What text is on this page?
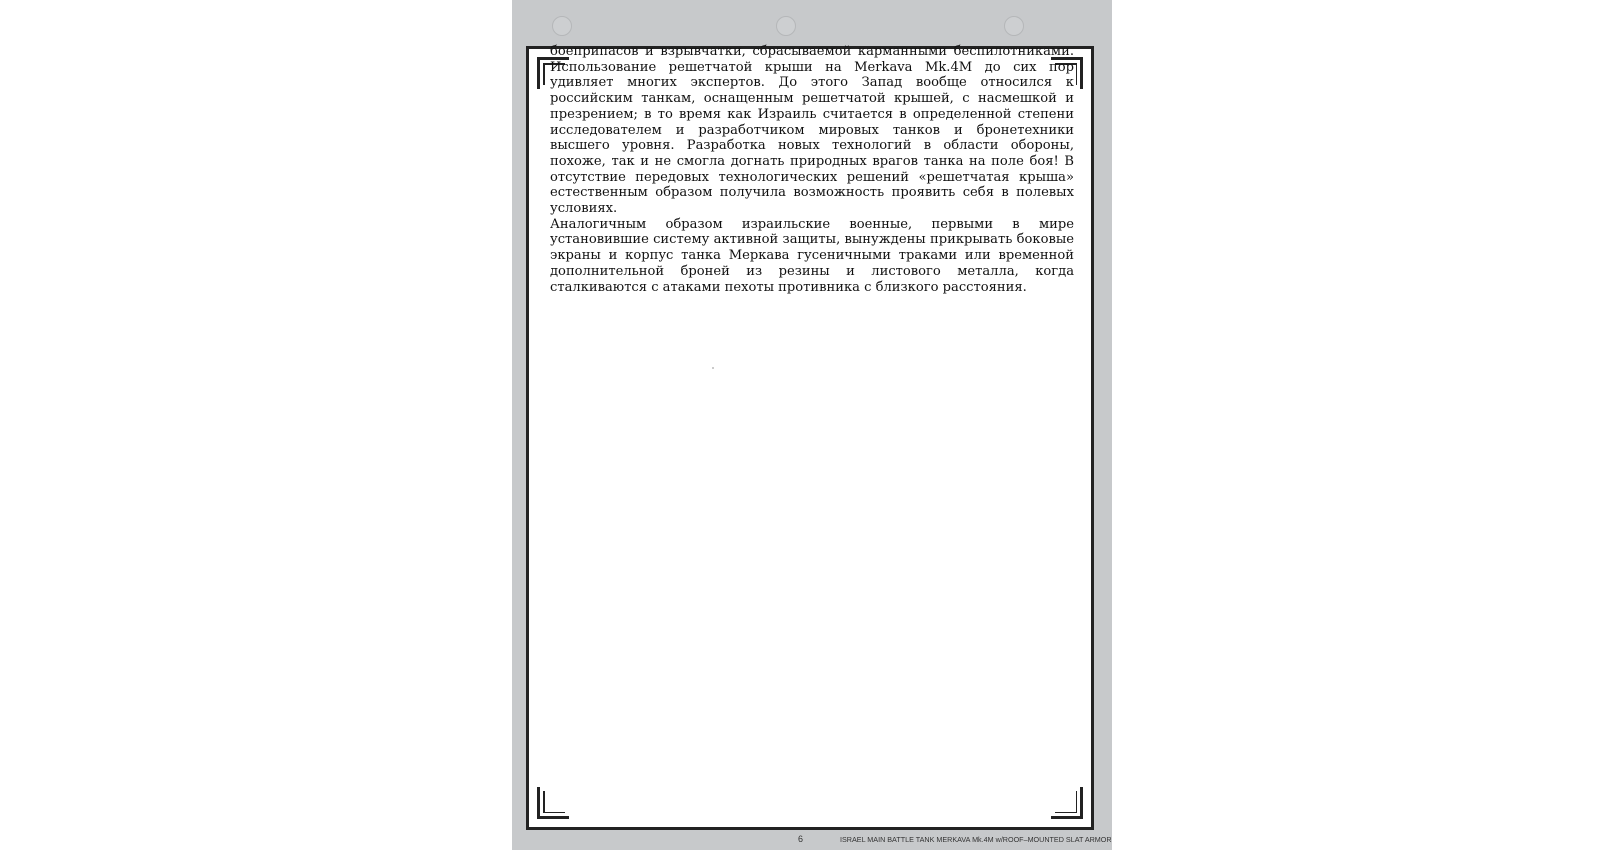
боеприпасов и взрывчатки, сбрасываемой карманными беспилотниками. Использование решетчатой крыши на Merkava Mk.4M до сих пор удивляет многих экспертов. До этого Запад вообще относился к российским танкам, оснащенным решетчатой крышей, с насмешкой и презрением; в то время как Израиль считается в определенной степени исследователем и разработчиком мировых танков и бронетехники высшего уровня. Разработка новых технологий в области обороны, похоже, так и не смогла догнать природных врагов танка на поле боя! В отсутствие передовых технологических решений «решетчатая крыша» естественным образом получила возможность проявить себя в полевых условиях.

Аналогичным образом израильские военные, первыми в мире установившие систему активной защиты, вынуждены прикрывать боковые экраны и корпус танка Меркава гусеничными траками или временной дополнительной броней из резины и листового металла, когда сталкиваются с атаками пехоты противника с близкого расстояния.

6	ISRAEL MAIN BATTLE TANK MERKAVA Mk.4M w/ROOF–MOUNTED SLAT ARMOR
